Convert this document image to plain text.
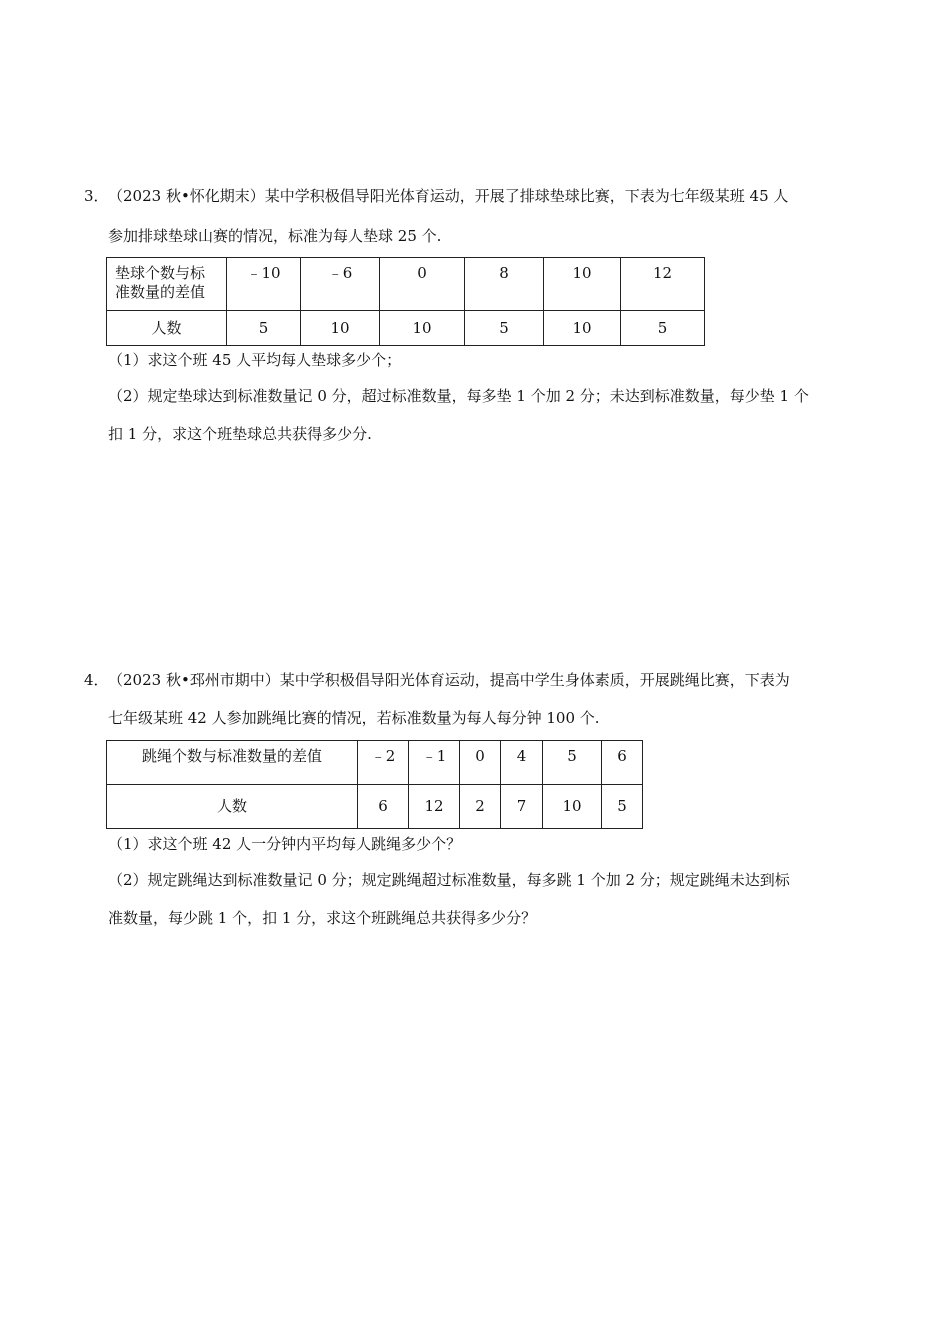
3． （2023 秋•怀化期末）某中学积极倡导阳光体育运动，开展了排球垫球比赛，下表为七年级某班 45 人
参加排球垫球山赛的情况，标准为每人垫球 25 个.
垫球个数与标
准数量的差值	﹣10	﹣6	0	8	10	12
人数	5	10	10	5	10	5
（1）求这个班 45 人平均每人垫球多少个；
（2）规定垫球达到标准数量记 0 分，超过标准数量，每多垫 1 个加 2 分；未达到标准数量，每少垫 1 个
扣 1 分，求这个班垫球总共获得多少分.
4． （2023 秋•邳州市期中）某中学积极倡导阳光体育运动，提高中学生身体素质，开展跳绳比赛，下表为
七年级某班 42 人参加跳绳比赛的情况，若标准数量为每人每分钟 100 个.
跳绳个数与标准数量的差值	﹣2	﹣1	0	4	5	6
人数	6	12	2	7	10	5
（1）求这个班 42 人一分钟内平均每人跳绳多少个？
（2）规定跳绳达到标准数量记 0 分；规定跳绳超过标准数量，每多跳 1 个加 2 分；规定跳绳未达到标
准数量，每少跳 1 个，扣 1 分，求这个班跳绳总共获得多少分？
